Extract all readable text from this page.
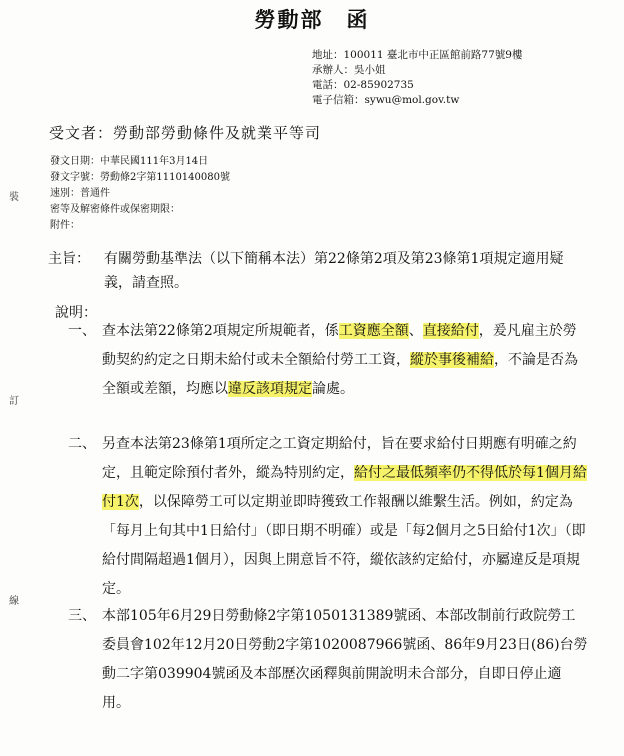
勞動部　函
地址：100011 臺北市中正區館前路77號9樓
承辦人：吳小姐
電話：02-85902735
電子信箱：sywu@mol.gov.tw
受文者：勞動部勞動條件及就業平等司
發文日期：中華民國111年3月14日
發文字號：勞動條2字第1110140080號
速別：普通件
密等及解密條件或保密期限：
附件：
裝
訂
線
主旨： 有關勞動基準法（以下簡稱本法）第22條第2項及第23條第1項規定適用疑義，請查照。
說明：
一、 查本法第22條第2項規定所規範者，係工資應全額、直接給付，爰凡雇主於勞動契約約定之日期未給付或未全額給付勞工工資，縱於事後補給，不論是否為全額或差額，均應以違反該項規定論處。
二、 另查本法第23條第1項所定之工資定期給付，旨在要求給付日期應有明確之約定，且範定除預付者外，縱為特別約定，給付之最低頻率仍不得低於每1個月給付1次，以保障勞工可以定期並即時獲致工作報酬以維繫生活。例如，約定為「每月上旬其中1日給付」（即日期不明確）或是「每2個月之5日給付1次」（即給付間隔超過1個月），因與上開意旨不符，縱依該約定給付，亦屬違反是項規定。
三、 本部105年6月29日勞動條2字第1050131389號函、本部改制前行政院勞工委員會102年12月20日勞動2字第1020087966號函、86年9月23日(86)台勞動二字第039904號函及本部歷次函釋與前開說明未合部分，自即日停止適用。
